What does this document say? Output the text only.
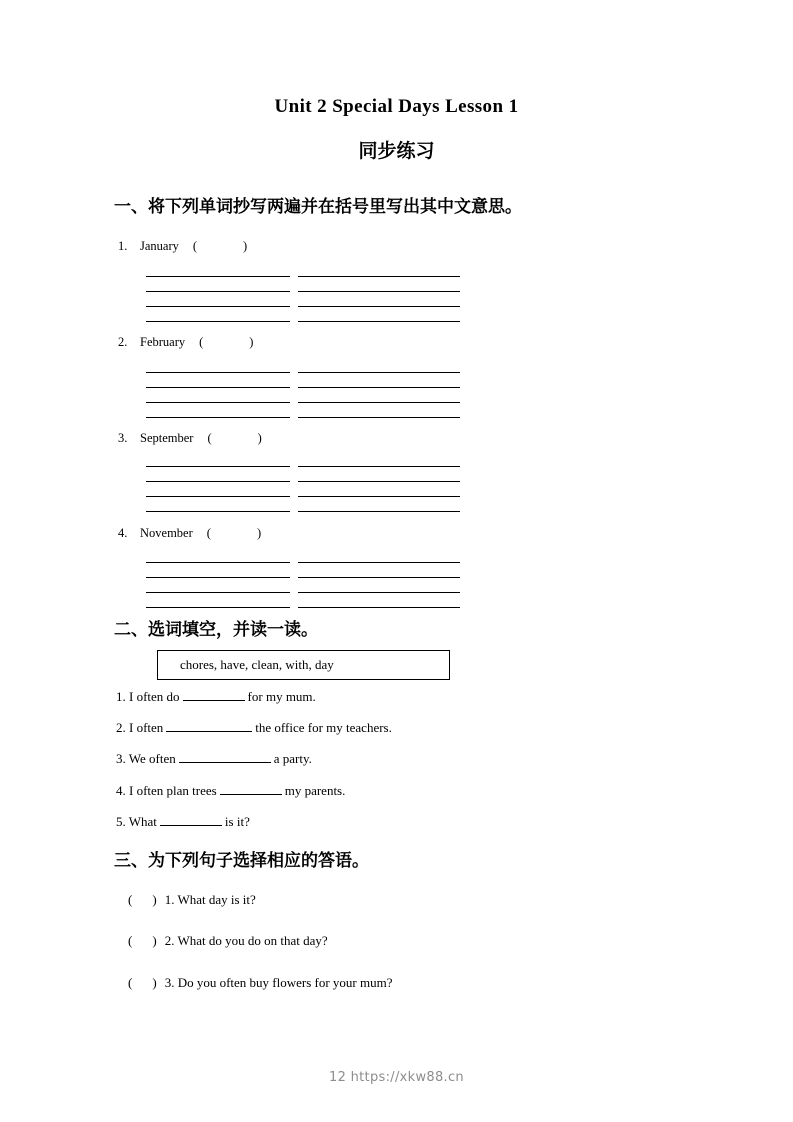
Unit 2 Special Days Lesson 1
同步练习
一、将下列单词抄写两遍并在括号里写出其中文意思。
1. January (	)
2. February (	)
3. September (	)
4. November (	)
二、选词填空，并读一读。
chores, have, clean, with, day
1. I often do	for my mum.
2. I often	the office for my teachers.
3. We often	a party.
4. I often plan trees	my parents.
5. What	is it?
三、为下列句子选择相应的答语。
( ) 1. What day is it?
( ) 2. What do you do on that day?
( ) 3. Do you often buy flowers for your mum?
12 https://xkw88.cn
